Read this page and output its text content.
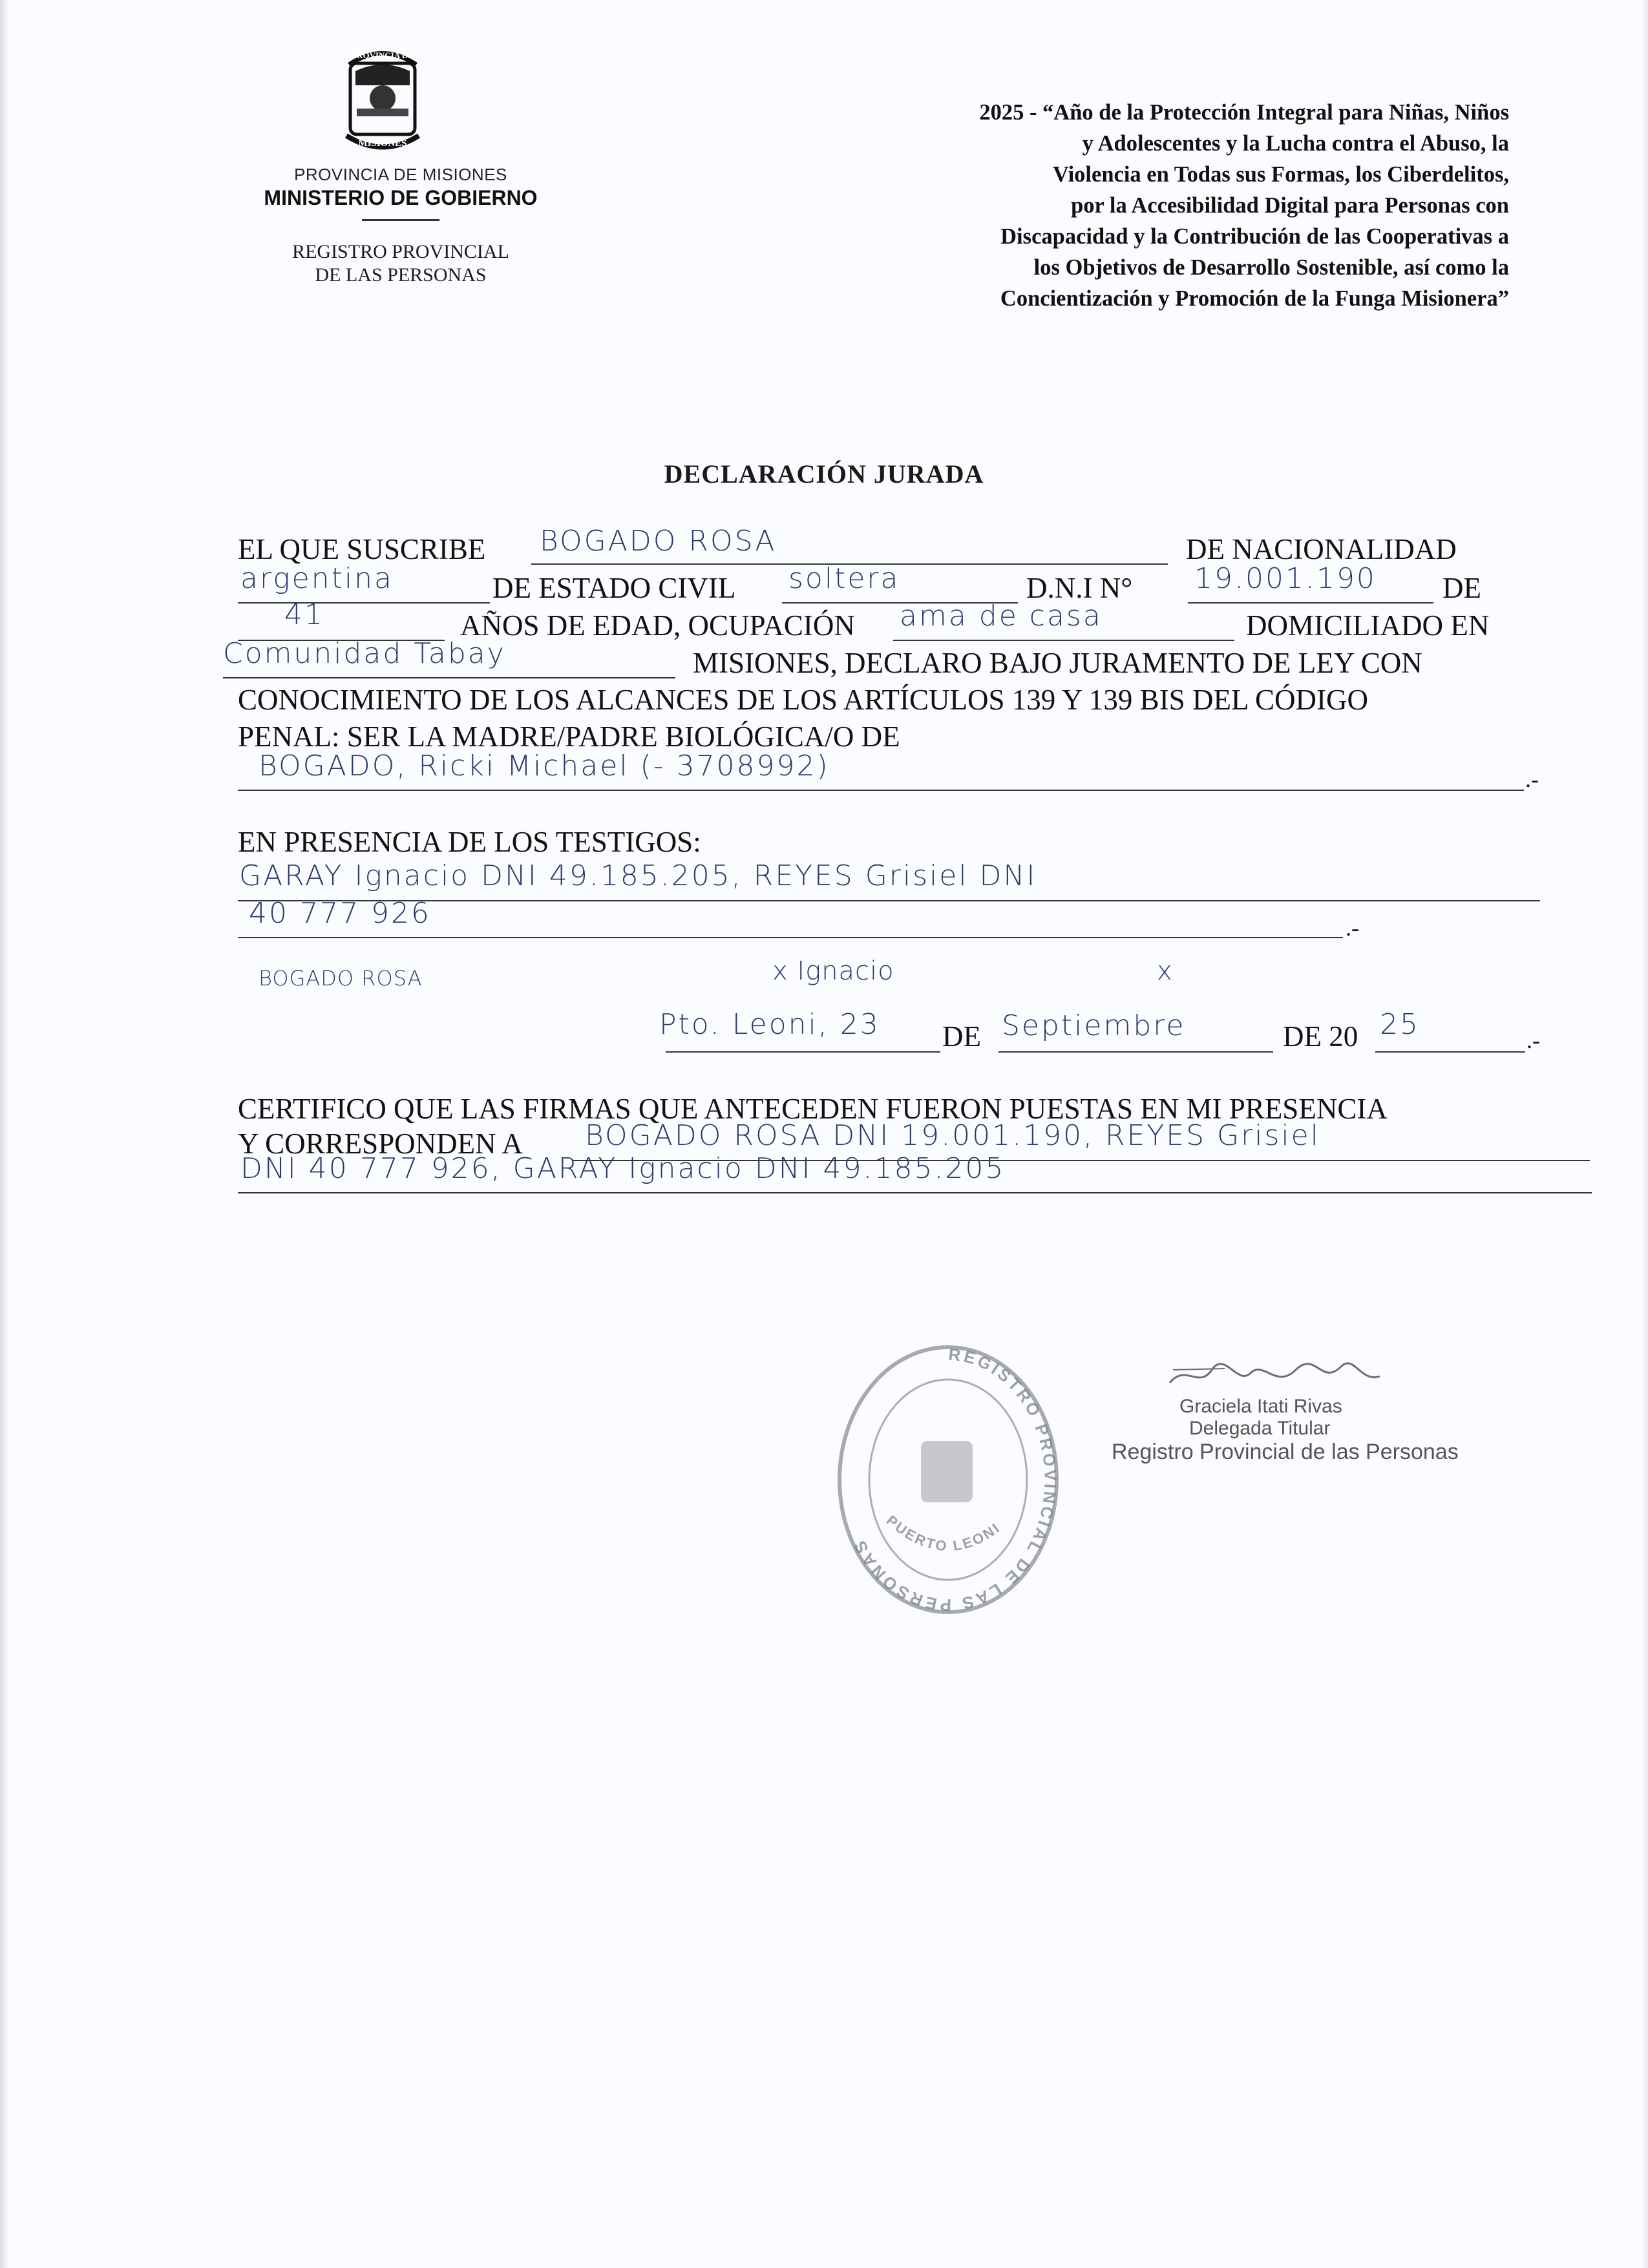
PROVINCIA DE
MISIONES
PROVINCIA DE MISIONES
MINISTERIO DE GOBIERNO
REGISTRO PROVINCIAL
DE LAS PERSONAS
2025 - “Año de la Protección Integral para Niñas, Niños
y Adolescentes y la Lucha contra el Abuso, la
Violencia en Todas sus Formas, los Ciberdelitos,
por la Accesibilidad Digital para Personas con
Discapacidad y la Contribución de las Cooperativas a
los Objetivos de Desarrollo Sostenible, así como la
Concientización y Promoción de la Funga Misionera”
DECLARACIÓN JURADA
EL QUE SUSCRIBE BOGADO ROSA	DE NACIONALIDAD
argentina	DE ESTADO CIVIL soltera	D.N.I N° 19.001.190 DE
41	AÑOS DE EDAD, OCUPACIÓN ama de casa	DOMICILIADO EN
Comunidad Tabay	MISIONES, DECLARO BAJO JURAMENTO DE LEY CON
CONOCIMIENTO DE LOS ALCANCES DE LOS ARTÍCULOS 139 Y 139 BIS DEL CÓDIGO
PENAL: SER LA MADRE/PADRE BIOLÓGICA/O DE
BOGADO, Ricki Michael (- 3708992)	.-
EN PRESENCIA DE LOS TESTIGOS:
GARAY Ignacio DNI 49.185.205, REYES Grisiel DNI
40 777 926	.-
BOGADO ROSA	x Ignacio	x
Pto. Leoni, 23 DE Septiembre	DE 20 25	.-
CERTIFICO QUE LAS FIRMAS QUE ANTECEDEN FUERON PUESTAS EN MI PRESENCIA
Y CORRESPONDEN A BOGADO ROSA DNI 19.001.190, REYES Grisiel
DNI 40 777 926, GARAY Ignacio DNI 49.185.205
REGISTRO PROVINCIAL DE LAS PERSONAS
PUERTO LEONI
Graciela Itati Rivas
Delegada Titular
Registro Provincial de las Personas
